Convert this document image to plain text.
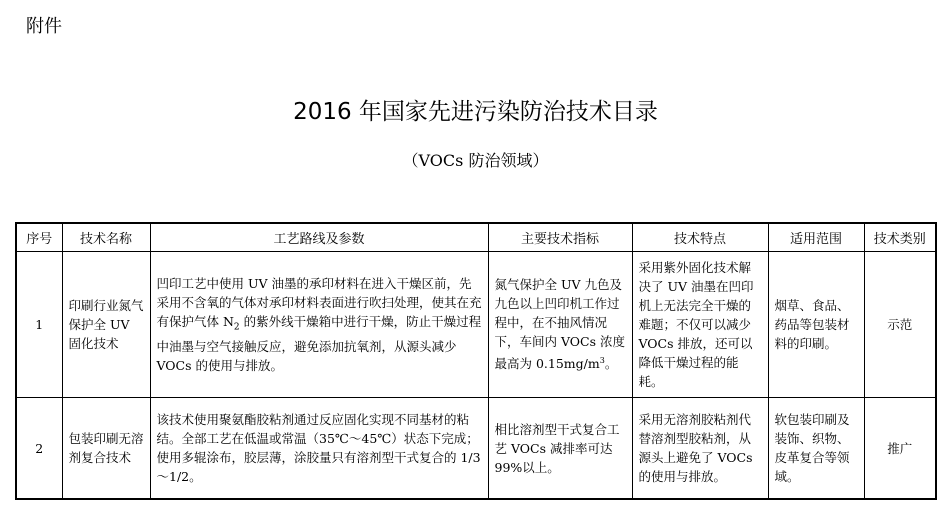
附件
2016 年国家先进污染防治技术目录
（VOCs 防治领域）
序号	技术名称	工艺路线及参数	主要技术指标	技术特点	适用范围	技术类别
1	印刷行业氮气保护全 UV 固化技术	凹印工艺中使用 UV 油墨的承印材料在进入干燥区前，先采用不含氧的气体对承印材料表面进行吹扫处理，使其在充有保护气体 $N_2$ 的紫外线干燥箱中进行干燥，防止干燥过程中油墨与空气接触反应，避免添加抗氧剂，从源头减少 VOCs 的使用与排放。	氮气保护全 UV 九色及九色以上凹印机工作过程中，在不抽风情况下，车间内 VOCs 浓度最高为 $0.15mg/m^3$。	采用紫外固化技术解决了 UV 油墨在凹印机上无法完全干燥的难题；不仅可以减少 VOCs 排放，还可以降低干燥过程的能耗。	烟草、食品、药品等包装材料的印刷。	示范
2	包装印刷无溶剂复合技术	该技术使用聚氨酯胶粘剂通过反应固化实现不同基材的粘结。全部工艺在低温或常温（35℃～45℃）状态下完成；使用多辊涂布，胶层薄，涂胶量只有溶剂型干式复合的 1/3～1/2。	相比溶剂型干式复合工艺 VOCs 减排率可达 99%以上。	采用无溶剂胶粘剂代替溶剂型胶粘剂，从源头上避免了 VOCs 的使用与排放。	软包装印刷及装饰、织物、皮革复合等领域。	推广
